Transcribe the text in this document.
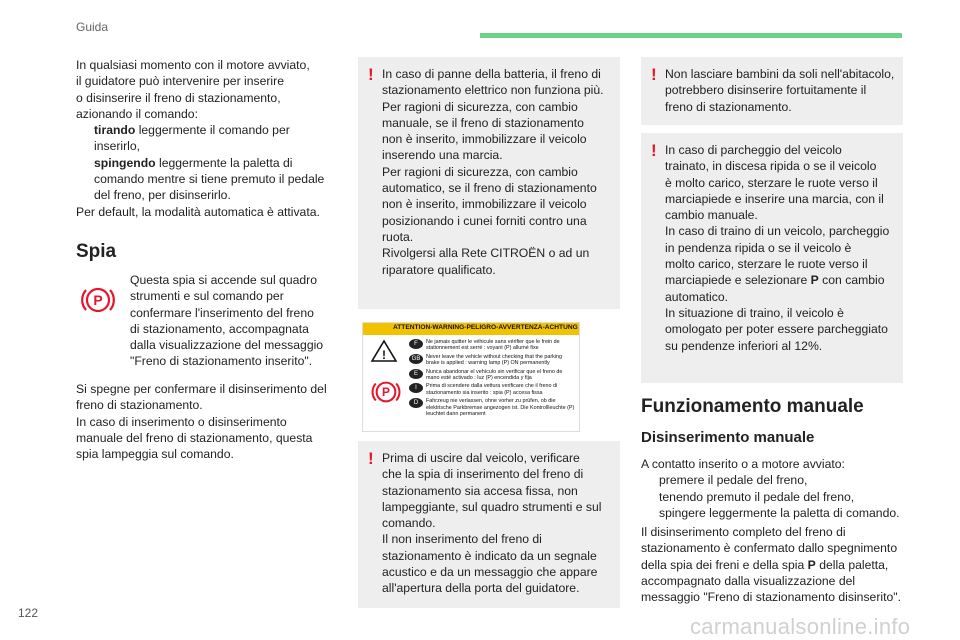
Guida

In qualsiasi momento con il motore avviato,

il guidatore può intervenire per inserire

o disinserire il freno di stazionamento,

azionando il comando:

tirando leggermente il comando per
inserirlo,
spingendo leggermente la paletta di
comando mentre si tiene premuto il pedale
del freno, per disinserirlo.

Per default, la modalità automatica è attivata.

Spia
P

Questa spia si accende sul quadro

strumenti e sul comando per

confermare l'inserimento del freno

di stazionamento, accompagnata

dalla visualizzazione del messaggio

"Freno di stazionamento inserito".

Si spegne per confermare il disinserimento del

freno di stazionamento.

In caso di inserimento o disinserimento

manuale del freno di stazionamento, questa

spia lampeggia sul comando.

! In caso di panne della batteria, il freno di

stazionamento elettrico non funziona più.

Per ragioni di sicurezza, con cambio

manuale, se il freno di stazionamento

non è inserito, immobilizzare il veicolo

inserendo una marcia.

Per ragioni di sicurezza, con cambio

automatico, se il freno di stazionamento

non è inserito, immobilizzare il veicolo

posizionando i cunei forniti contro una

ruota.

Rivolgersi alla Rete CITROËN o ad un

riparatore qualificato.

ATTENTION-WARNING-PELIGRO-AVVERTENZA-ACHTUNG
!
P
F	Ne jamais quitter le véhicule sans vérifier que le frein de stationnement est serré : voyant (P) allumé fixe
GB	Never leave the vehicle without checking that the parking brake is applied : warning lamp (P) ON permanently
E	Nunca abandonar el vehículo sin verificar que el freno de mano esté activado : luz (P) encendida y fija
I	Prima di scendere dalla vettura verificare che il freno di stazionamento sia inserito : spia (P) accesa fissa
D	Fahrzeug nie verlassen, ohne vorher zu prüfen, ob die elektrische Parkbremse angezogen ist. Die Kontrollleuchte (P) leuchtet dann permanent
! Prima di uscire dal veicolo, verificare

che la spia di inserimento del freno di

stazionamento sia accesa fissa, non

lampeggiante, sul quadro strumenti e sul

comando.

Il non inserimento del freno di

stazionamento è indicato da un segnale

acustico e da un messaggio che appare

all'apertura della porta del guidatore.

! Non lasciare bambini da soli nell'abitacolo,

potrebbero disinserire fortuitamente il

freno di stazionamento.

! In caso di parcheggio del veicolo

trainato, in discesa ripida o se il veicolo

è molto carico, sterzare le ruote verso il

marciapiede e inserire una marcia, con il

cambio manuale.

In caso di traino di un veicolo, parcheggio

in pendenza ripida o se il veicolo è

molto carico, sterzare le ruote verso il

marciapiede e selezionare P con cambio

automatico.

In situazione di traino, il veicolo è

omologato per poter essere parcheggiato

su pendenze inferiori al 12%.

Funzionamento manuale
Disinserimento manuale

A contatto inserito o a motore avviato:

premere il pedale del freno,
tenendo premuto il pedale del freno,
spingere leggermente la paletta di comando.

Il disinserimento completo del freno di

stazionamento è confermato dallo spegnimento

della spia dei freni e della spia P della paletta,

accompagnato dalla visualizzazione del

messaggio "Freno di stazionamento disinserito".

122
carmanualsonline.info
